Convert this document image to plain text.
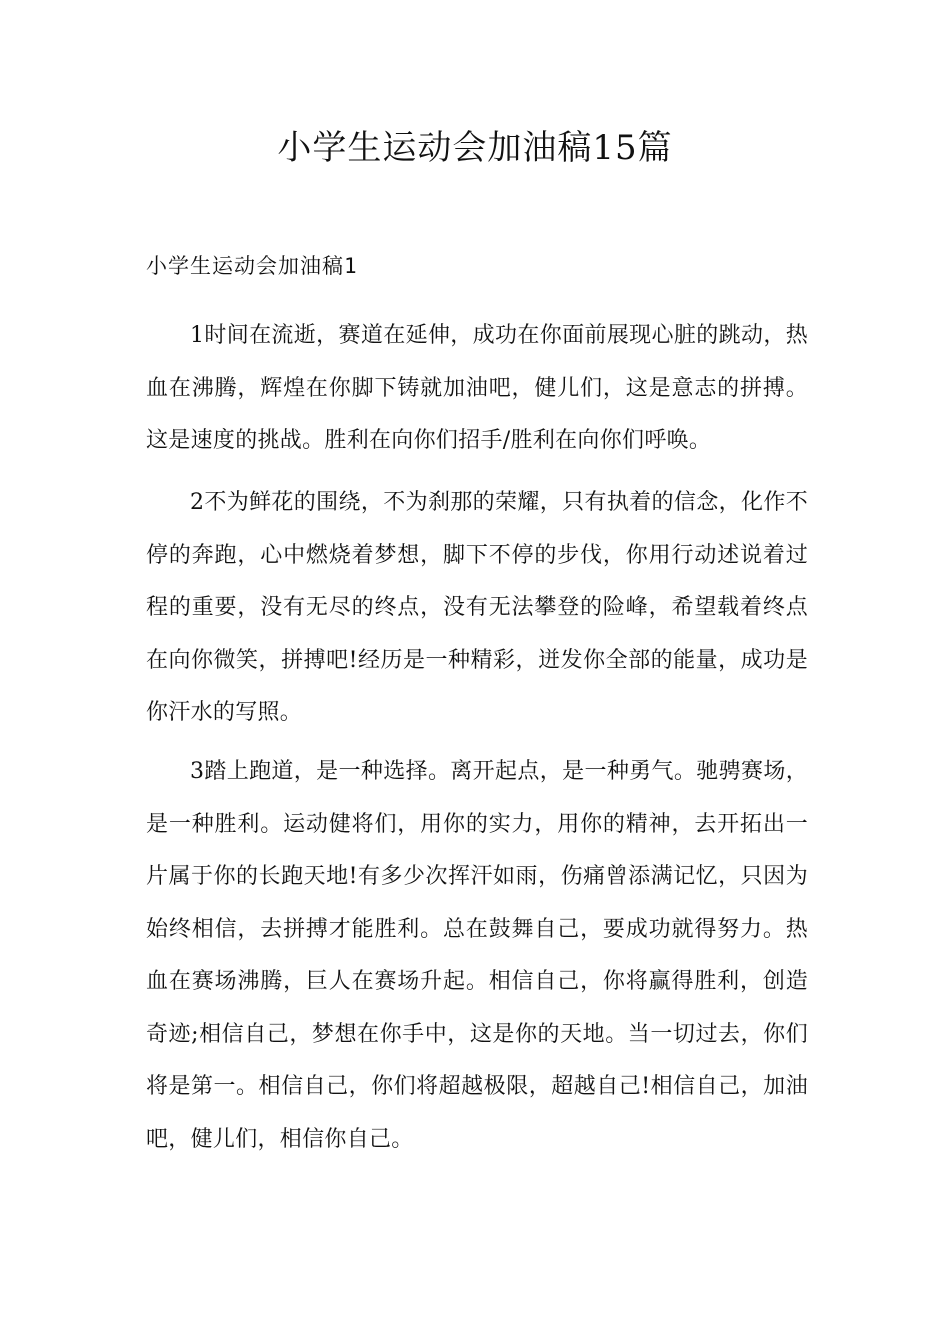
小学生运动会加油稿15篇
小学生运动会加油稿1

1时间在流逝，赛道在延伸，成功在你面前展现心脏的跳动，热血在沸腾，辉煌在你脚下铸就加油吧，健儿们，这是意志的拼搏。这是速度的挑战。胜利在向你们招手/胜利在向你们呼唤。

2不为鲜花的围绕，不为刹那的荣耀，只有执着的信念，化作不停的奔跑，心中燃烧着梦想，脚下不停的步伐，你用行动述说着过程的重要，没有无尽的终点，没有无法攀登的险峰，希望载着终点在向你微笑，拼搏吧!经历是一种精彩，迸发你全部的能量，成功是你汗水的写照。

3踏上跑道，是一种选择。离开起点，是一种勇气。驰骋赛场，是一种胜利。运动健将们，用你的实力，用你的精神，去开拓出一片属于你的长跑天地!有多少次挥汗如雨，伤痛曾添满记忆，只因为始终相信，去拼搏才能胜利。总在鼓舞自己，要成功就得努力。热血在赛场沸腾，巨人在赛场升起。相信自己，你将赢得胜利，创造奇迹;相信自己，梦想在你手中，这是你的天地。当一切过去，你们将是第一。相信自己，你们将超越极限，超越自己!相信自己，加油吧，健儿们，相信你自己。
